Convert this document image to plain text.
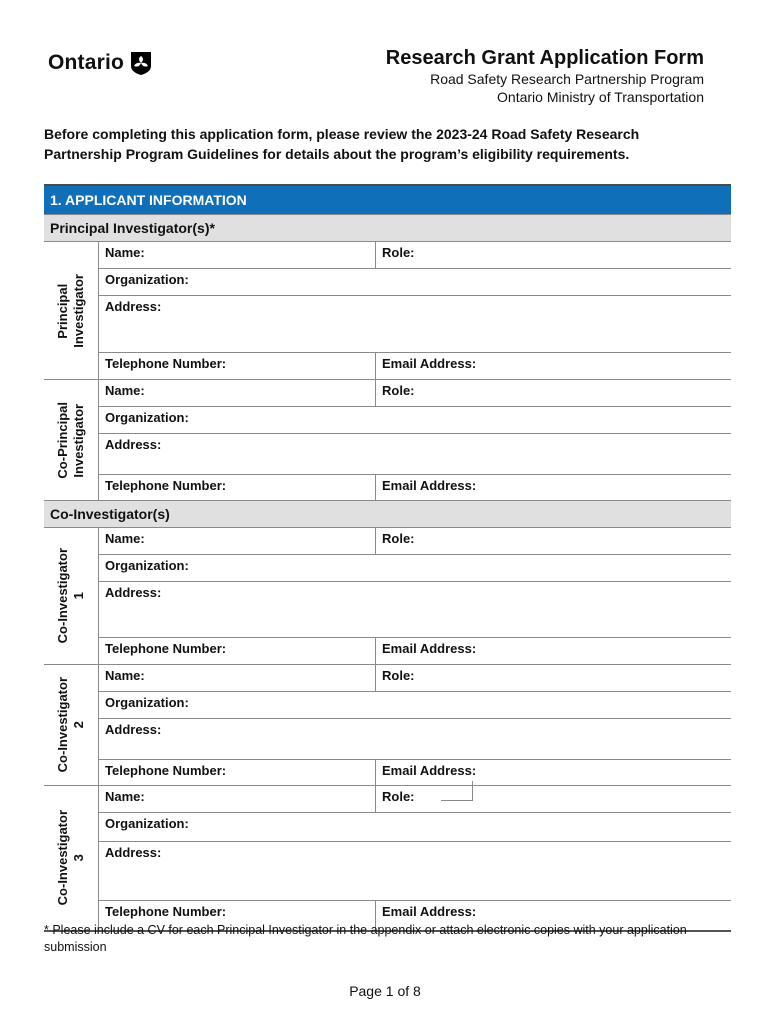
Ontario	Research Grant Application Form
Road Safety Research Partnership Program
Ontario Ministry of Transportation
Before completing this application form, please review the 2023-24 Road Safety Research Partnership Program Guidelines for details about the program’s eligibility requirements.
1. APPLICANT INFORMATION
Principal Investigator(s)*
Principal
Investigator
Name:	Role:
Organization:
Address:
Telephone Number:	Email Address:
Co-Principal
Investigator
Name:	Role:
Organization:
Address:
Telephone Number:	Email Address:
Co-Investigator(s)
Co-Investigator
1
Name:	Role:
Organization:
Address:
Telephone Number:	Email Address:
Co-Investigator
2
Name:	Role:
Organization:
Address:
Telephone Number:	Email Address:
Co-Investigator
3
Name:	Role:
Organization:
Address:
Telephone Number:	Email Address:
* Please include a CV for each Principal Investigator in the appendix or attach electronic copies with your application submission
Page 1 of 8
